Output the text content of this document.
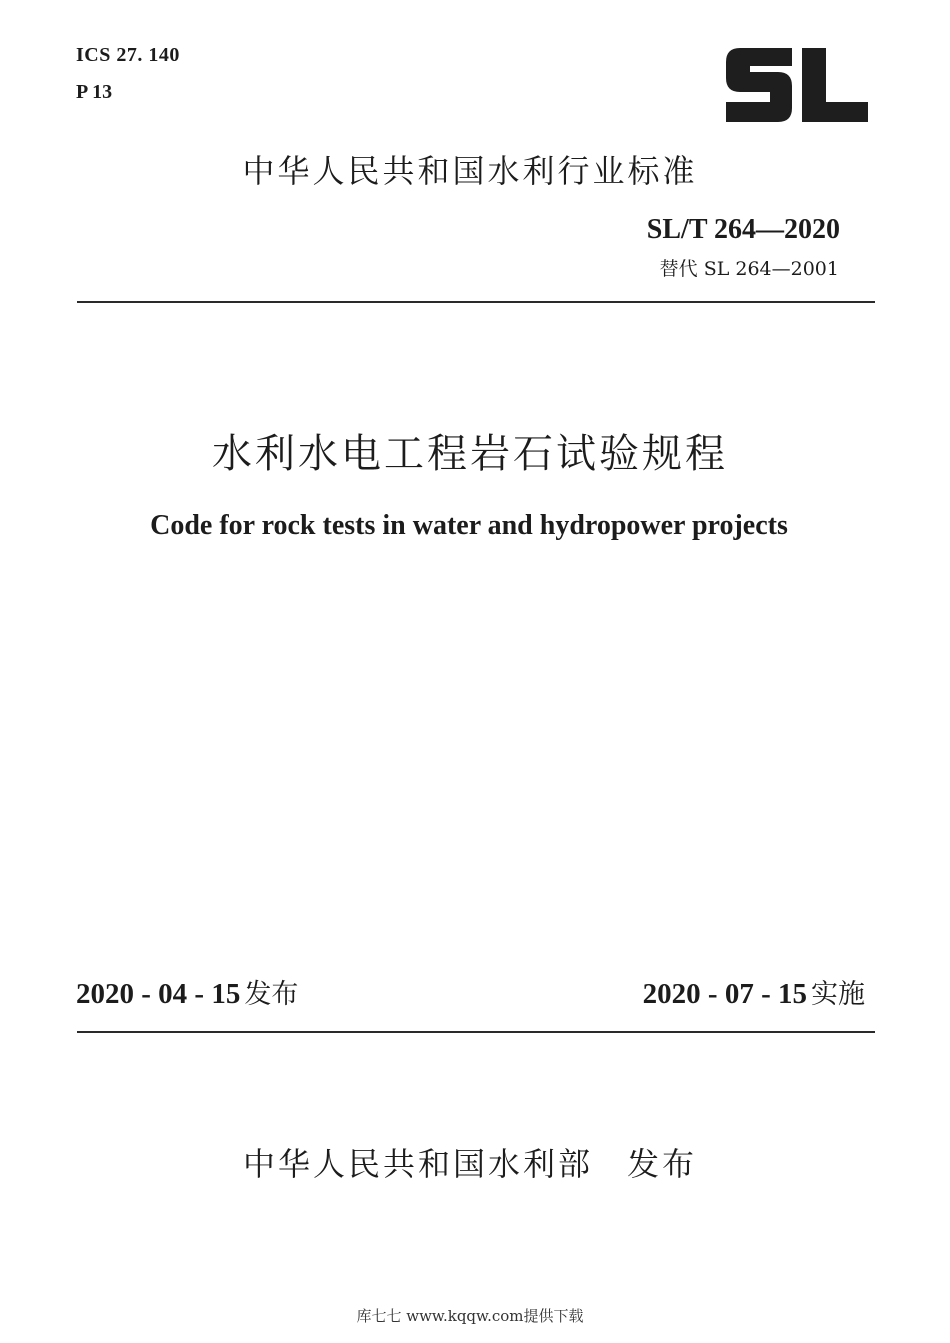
ICS 27. 140
P 13
中华人民共和国水利行业标准
SL/T 264—2020
替代 SL 264—2001
水利水电工程岩石试验规程
Code for rock tests in water and hydropower projects
2020 - 04 - 15 发布	2020 - 07 - 15 实施
中华人民共和国水利部 发布
库七七 www.kqqw.com提供下载
